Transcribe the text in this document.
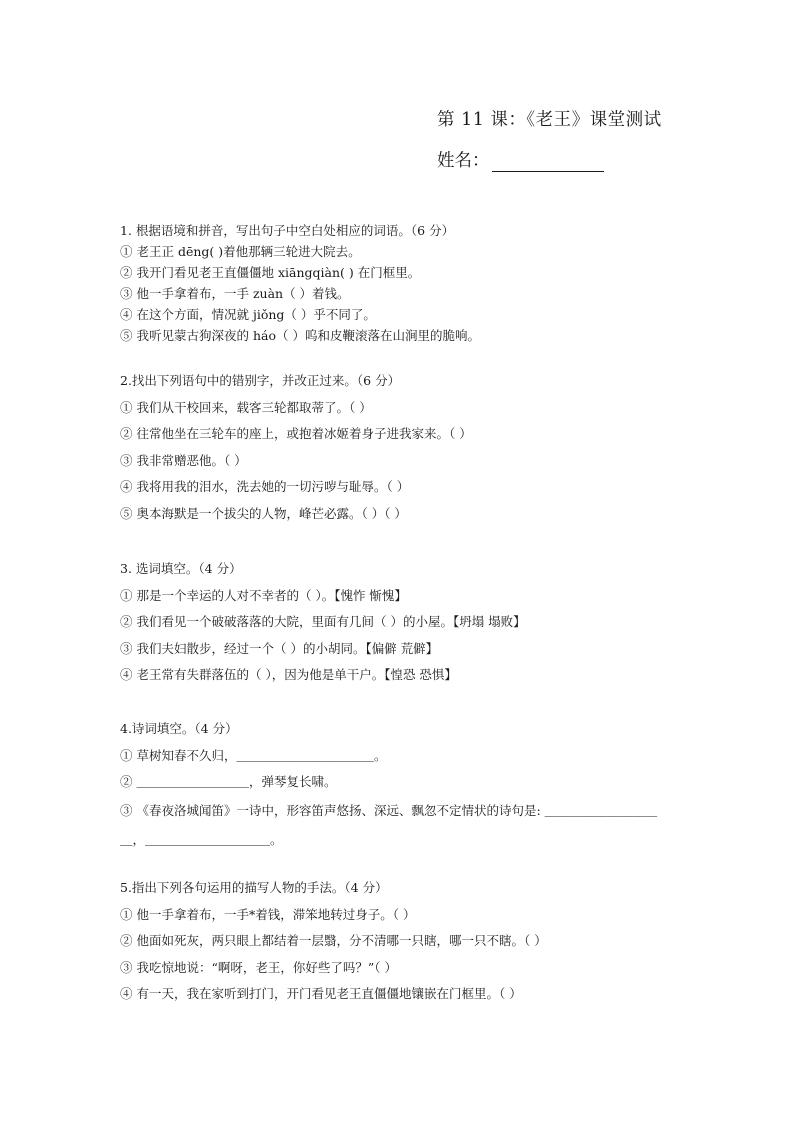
第 11 课：《老王》课堂测试
姓名：
1. 根据语境和拼音，写出句子中空白处相应的词语。（6 分）
① 老王正 dēng( )着他那辆三轮进大院去。
② 我开门看见老王直僵僵地 xiāngqiàn( ) 在门框里。
③ 他一手拿着布，一手 zuàn（ ）着钱。
④ 在这个方面，情况就 jiǒng（ ）乎不同了。
⑤ 我听见蒙古狗深夜的 háo（ ）呜和皮鞭滚落在山涧里的脆响。
2.找出下列语句中的错别字，并改正过来。（6 分）
① 我们从干校回来，载客三轮都取蒂了。（ ）
② 往常他坐在三轮车的座上，或抱着冰姬着身子进我家来。（ ）
③ 我非常赠恶他。（ ）
④ 我将用我的泪水，洗去她的一切污哕与耻辱。（ ）
⑤ 奥本海默是一个拔尖的人物，峰芒必露。（ ）（ ）
3. 选词填空。（4 分）
① 那是一个幸运的人对不幸者的（ ）。【愧怍 惭愧】
② 我们看见一个破破落落的大院，里面有几间（ ）的小屋。【坍塌 塌败】
③ 我们夫妇散步，经过一个（ ）的小胡同。【偏僻 荒僻】
④ 老王常有失群落伍的（ ），因为他是单干户。【惶恐 恐惧】
4.诗词填空。（4 分）
① 草树知春不久归，＿＿＿＿＿＿＿＿＿＿＿。
② ＿＿＿＿＿＿＿＿＿，弹琴复长啸。
③ 《春夜洛城闻笛》一诗中，形容笛声悠扬、深远、飘忽不定情状的诗句是: ＿＿＿＿＿＿＿＿＿＿，＿＿＿＿＿＿＿＿＿＿。
5.指出下列各句运用的描写人物的手法。（4 分）
① 他一手拿着布，一手*着钱，滞笨地转过身子。（ ）
② 他面如死灰，两只眼上都结着一层翳，分不清哪一只瞎，哪一只不瞎。（ ）
③ 我吃惊地说：“啊呀，老王，你好些了吗？”（ ）
④ 有一天，我在家听到打门，开门看见老王直僵僵地镶嵌在门框里。（ ）
